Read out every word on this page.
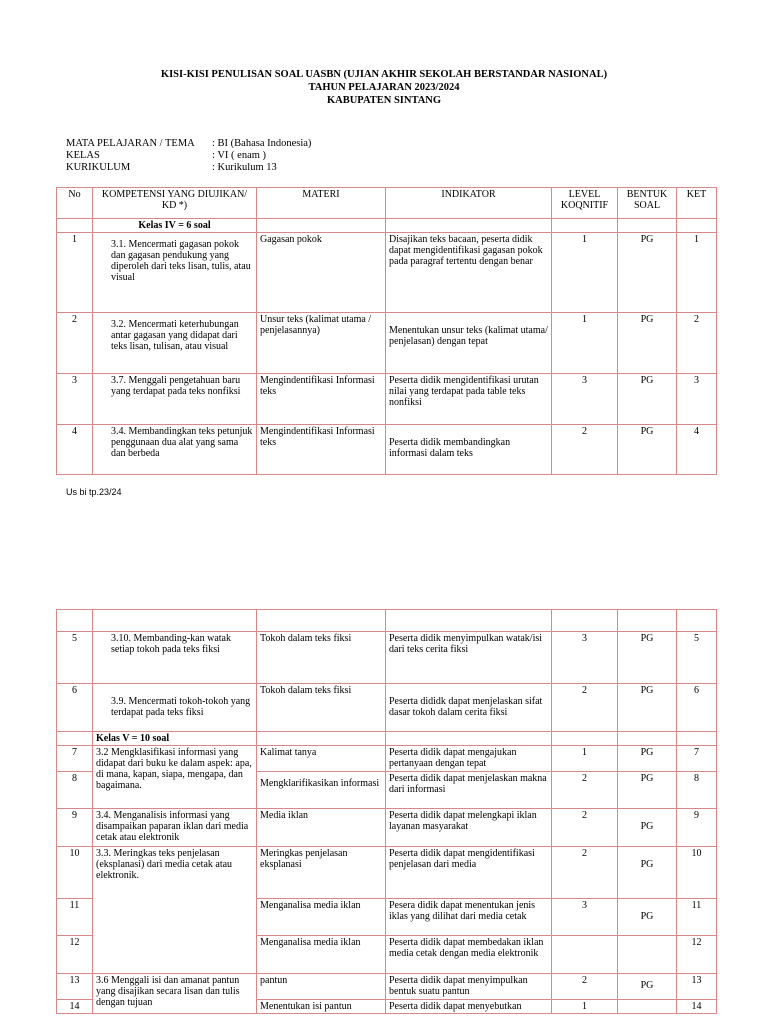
KISI-KISI PENULISAN SOAL UASBN (UJIAN AKHIR SEKOLAH BERSTANDAR NASIONAL)
TAHUN PELAJARAN 2023/2024
KABUPATEN SINTANG
MATA PELAJARAN / TEMA	: BI (Bahasa Indonesia)
KELAS	: VI ( enam )
KURIKULUM	: Kurikulum 13
No	KOMPETENSI YANG DIUJIKAN/ KD *)	MATERI	INDIKATOR	LEVEL KOQNITIF	BENTUK SOAL	KET
	Kelas IV = 6 soal					
1	3.1. Mencermati gagasan pokok dan gagasan pendukung yang diperoleh dari teks lisan, tulis, atau visual	Gagasan pokok	Disajikan teks bacaan, peserta didik dapat mengidentifikasi gagasan pokok pada paragraf tertentu dengan benar	1	PG	1
2	3.2. Mencermati keterhubungan antar gagasan yang didapat dari teks lisan, tulisan, atau visual	Unsur teks (kalimat utama / penjelasannya)	Menentukan unsur teks (kalimat utama/ penjelasan) dengan tepat	1	PG	2
3	3.7. Menggali pengetahuan baru yang terdapat pada teks nonfiksi	Mengindentifikasi Informasi teks	Peserta didik mengidentifikasi urutan nilai yang terdapat pada table teks nonfiksi	3	PG	3
4	3.4. Membandingkan teks petunjuk penggunaan dua alat yang sama dan berbeda	Mengindentifikasi Informasi teks	Peserta didik membandingkan informasi dalam teks	2	PG	4
Us bi tp.23/24

5	3.10. Membanding-kan watak setiap tokoh pada teks fiksi	Tokoh dalam teks fiksi	Peserta didik menyimpulkan watak/isi dari teks cerita fiksi	3	PG	5
6	3.9. Mencermati tokoh-tokoh yang terdapat pada teks fiksi	Tokoh dalam teks fiksi	Peserta dididk dapat menjelaskan sifat dasar tokoh dalam cerita fiksi	2	PG	6
	Kelas V = 10 soal					
7	3.2 Mengklasifikasi informasi yang didapat dari buku ke dalam aspek: apa, di mana, kapan, siapa, mengapa, dan bagaimana.	Kalimat tanya	Peserta didik dapat mengajukan pertanyaan dengan tepat	1	PG	7
8		Mengklarifikasikan informasi	Peserta didik dapat menjelaskan makna dari informasi	2	PG	8
9	3.4. Menganalisis informasi yang disampaikan paparan iklan dari media cetak atau elektronik	Media iklan	Peserta didik dapat melengkapi iklan layanan masyarakat	2	PG	9
10	3.3. Meringkas teks penjelasan (eksplanasi) dari media cetak atau elektronik.	Meringkas penjelasan eksplanasi	Peserta didik dapat mengidentifikasi penjelasan dari media	2	PG	10
11		Menganalisa media iklan	Pesera didik dapat menentukan jenis iklas yang dilihat dari media cetak	3	PG	11
12		Menganalisa media iklan	Peserta didik dapat membedakan iklan media cetak dengan media elektronik			12
13	3.6 Menggali isi dan amanat pantun yang disajikan secara lisan dan tulis dengan tujuan	pantun	Peserta didik dapat menyimpulkan bentuk suatu pantun	2	PG	13
14		Menentukan isi pantun	Peserta didik dapat menyebutkan	1		14
